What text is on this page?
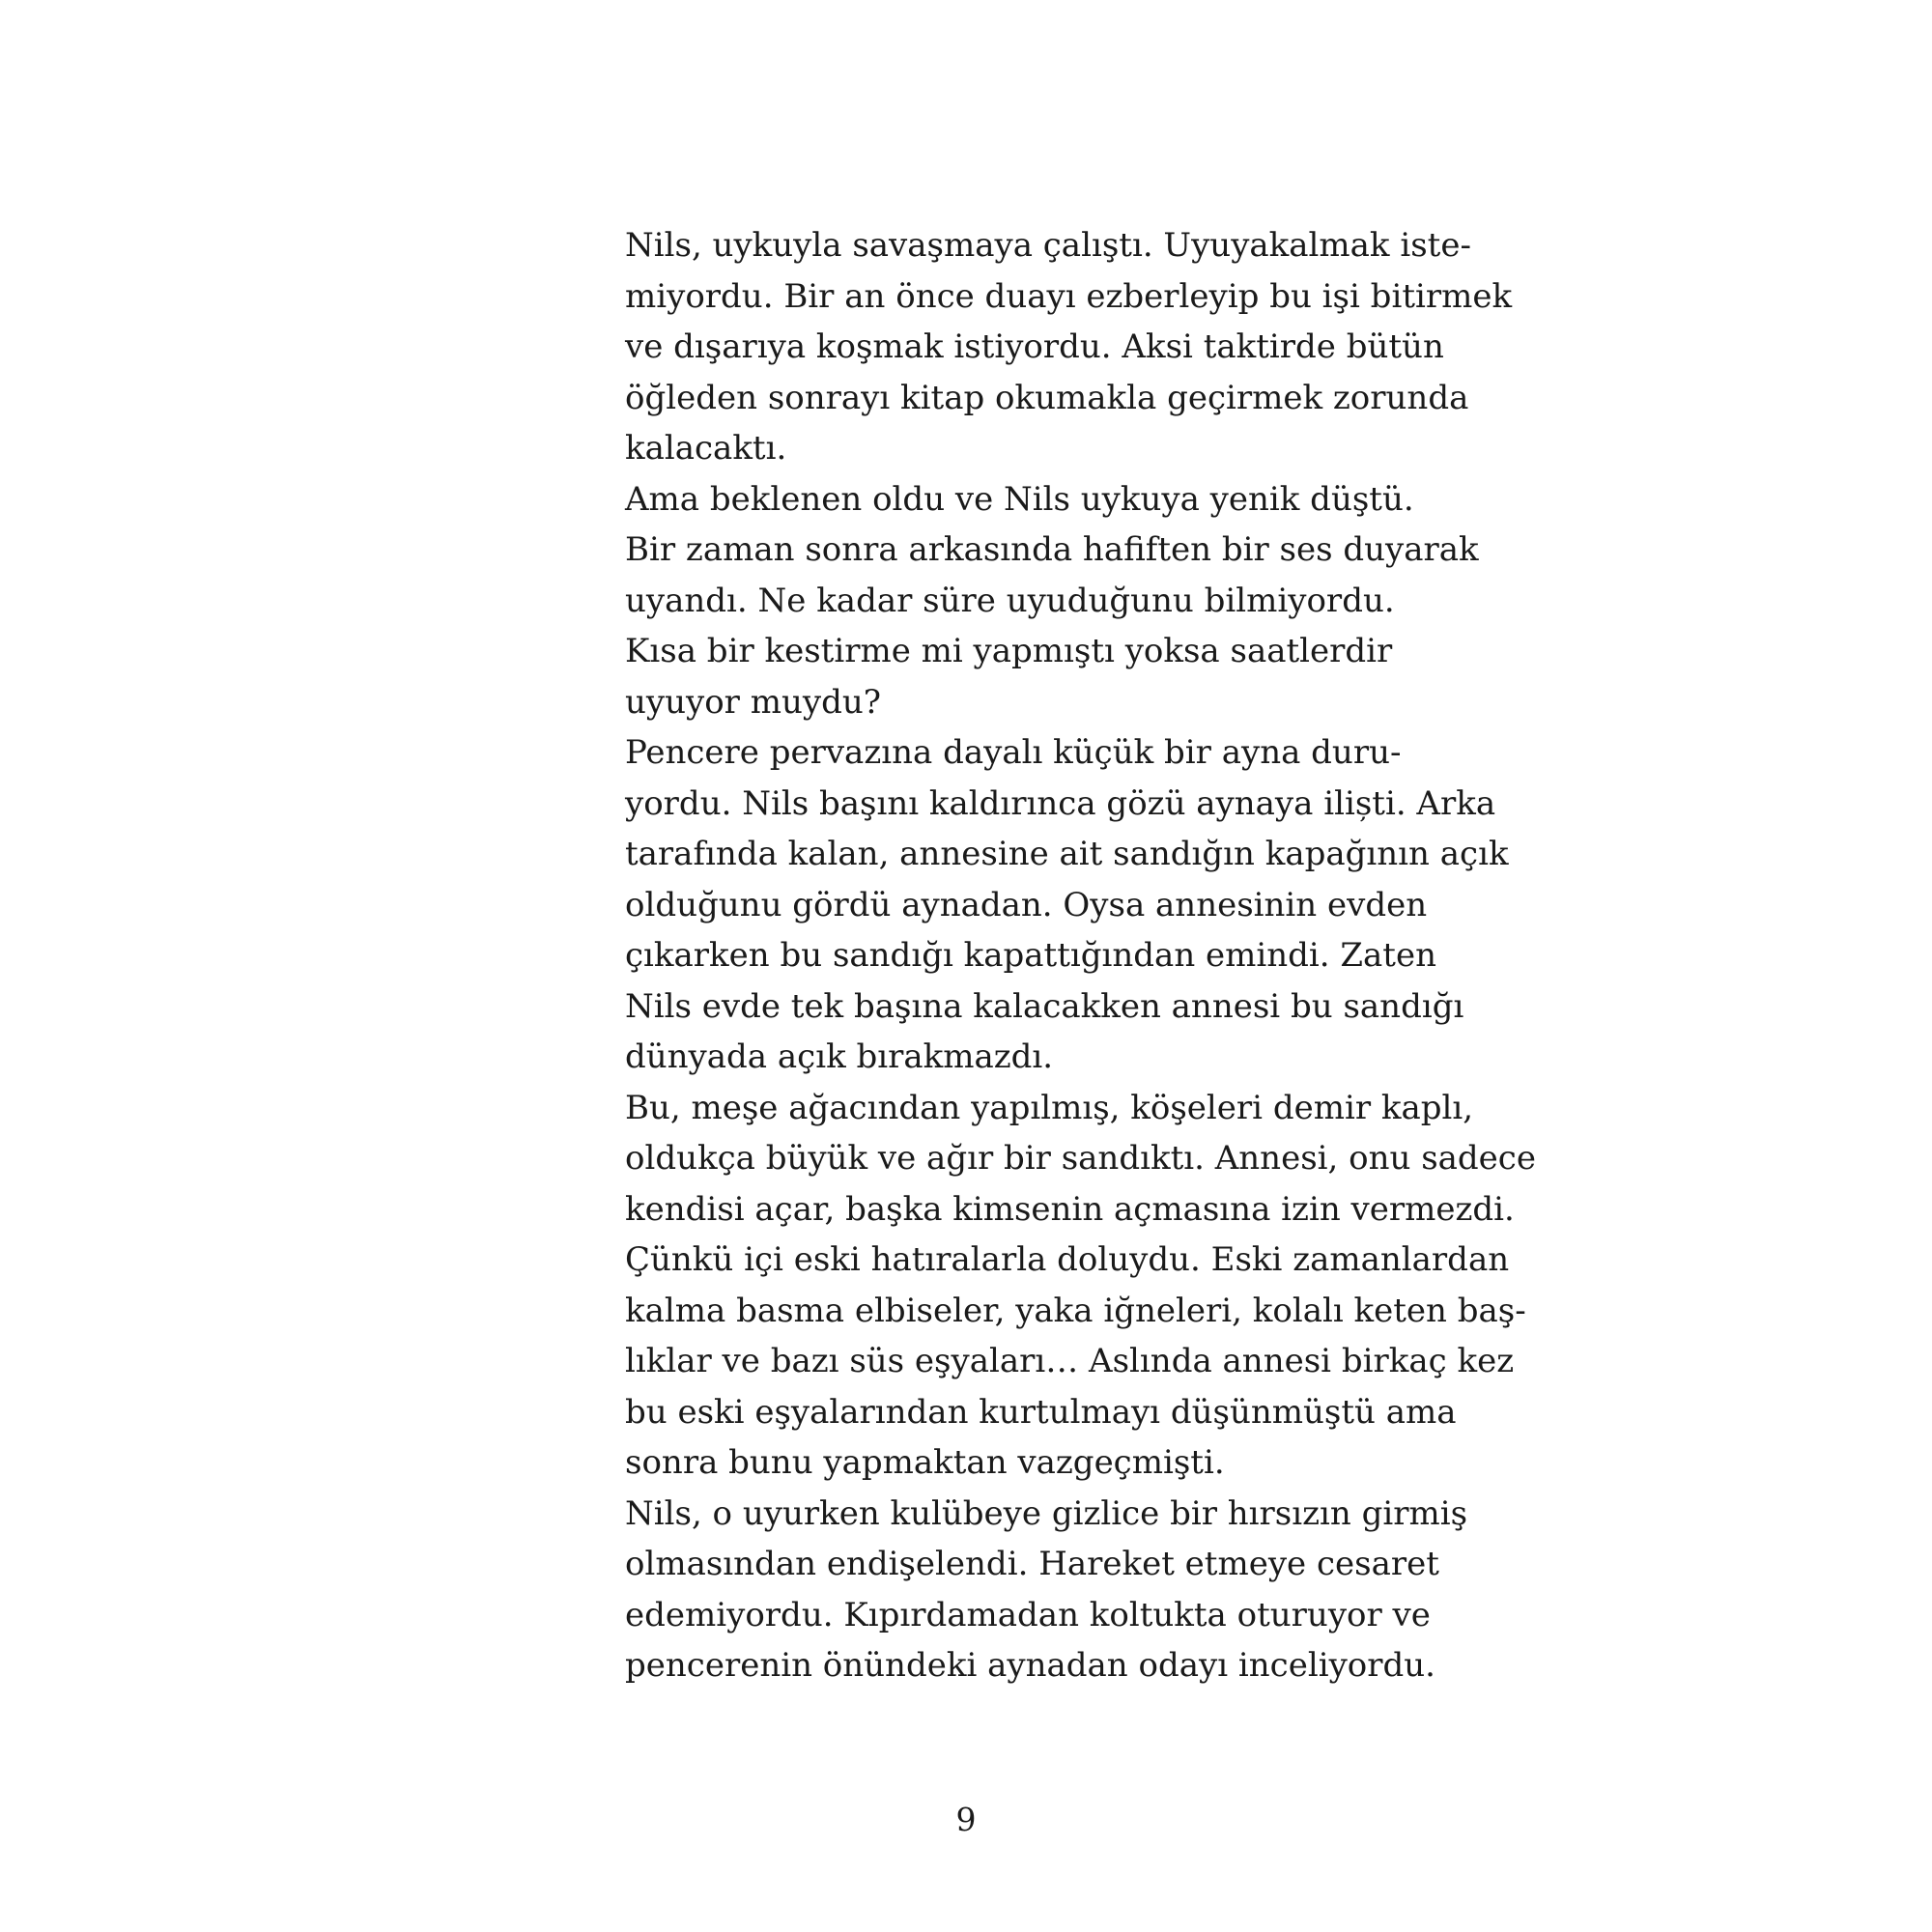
Nils, uykuyla savaşmaya çalıştı. Uyuyakalmak iste-
miyordu. Bir an önce duayı ezberleyip bu işi bitirmek
ve dışarıya koşmak istiyordu. Aksi taktirde bütün
öğleden sonrayı kitap okumakla geçirmek zorunda
kalacaktı.

Ama beklenen oldu ve Nils uykuya yenik düştü.

Bir zaman sonra arkasında hafiften bir ses duyarak
uyandı. Ne kadar süre uyuduğunu bilmiyordu.

Kısa bir kestirme mi yapmıştı yoksa saatlerdir
uyuyor muydu?

Pencere pervazına dayalı küçük bir ayna duru-
yordu. Nils başını kaldırınca gözü aynaya iliști. Arka
tarafında kalan, annesine ait sandığın kapağının açık
olduğunu gördü aynadan. Oysa annesinin evden
çıkarken bu sandığı kapattığından emindi. Zaten
Nils evde tek başına kalacakken annesi bu sandığı
dünyada açık bırakmazdı.

Bu, meşe ağacından yapılmış, köşeleri demir kaplı,
oldukça büyük ve ağır bir sandıktı. Annesi, onu sadece
kendisi açar, başka kimsenin açmasına izin vermezdi.
Çünkü içi eski hatıralarla doluydu. Eski zamanlardan
kalma basma elbiseler, yaka iğneleri, kolalı keten baş-
lıklar ve bazı süs eşyaları… Aslında annesi birkaç kez
bu eski eşyalarından kurtulmayı düşünmüştü ama
sonra bunu yapmaktan vazgeçmişti.

Nils, o uyurken kulübeye gizlice bir hırsızın girmiş
olmasından endişelendi. Hareket etmeye cesaret
edemiyordu. Kıpırdamadan koltukta oturuyor ve
pencerenin önündeki aynadan odayı inceliyordu.

9
